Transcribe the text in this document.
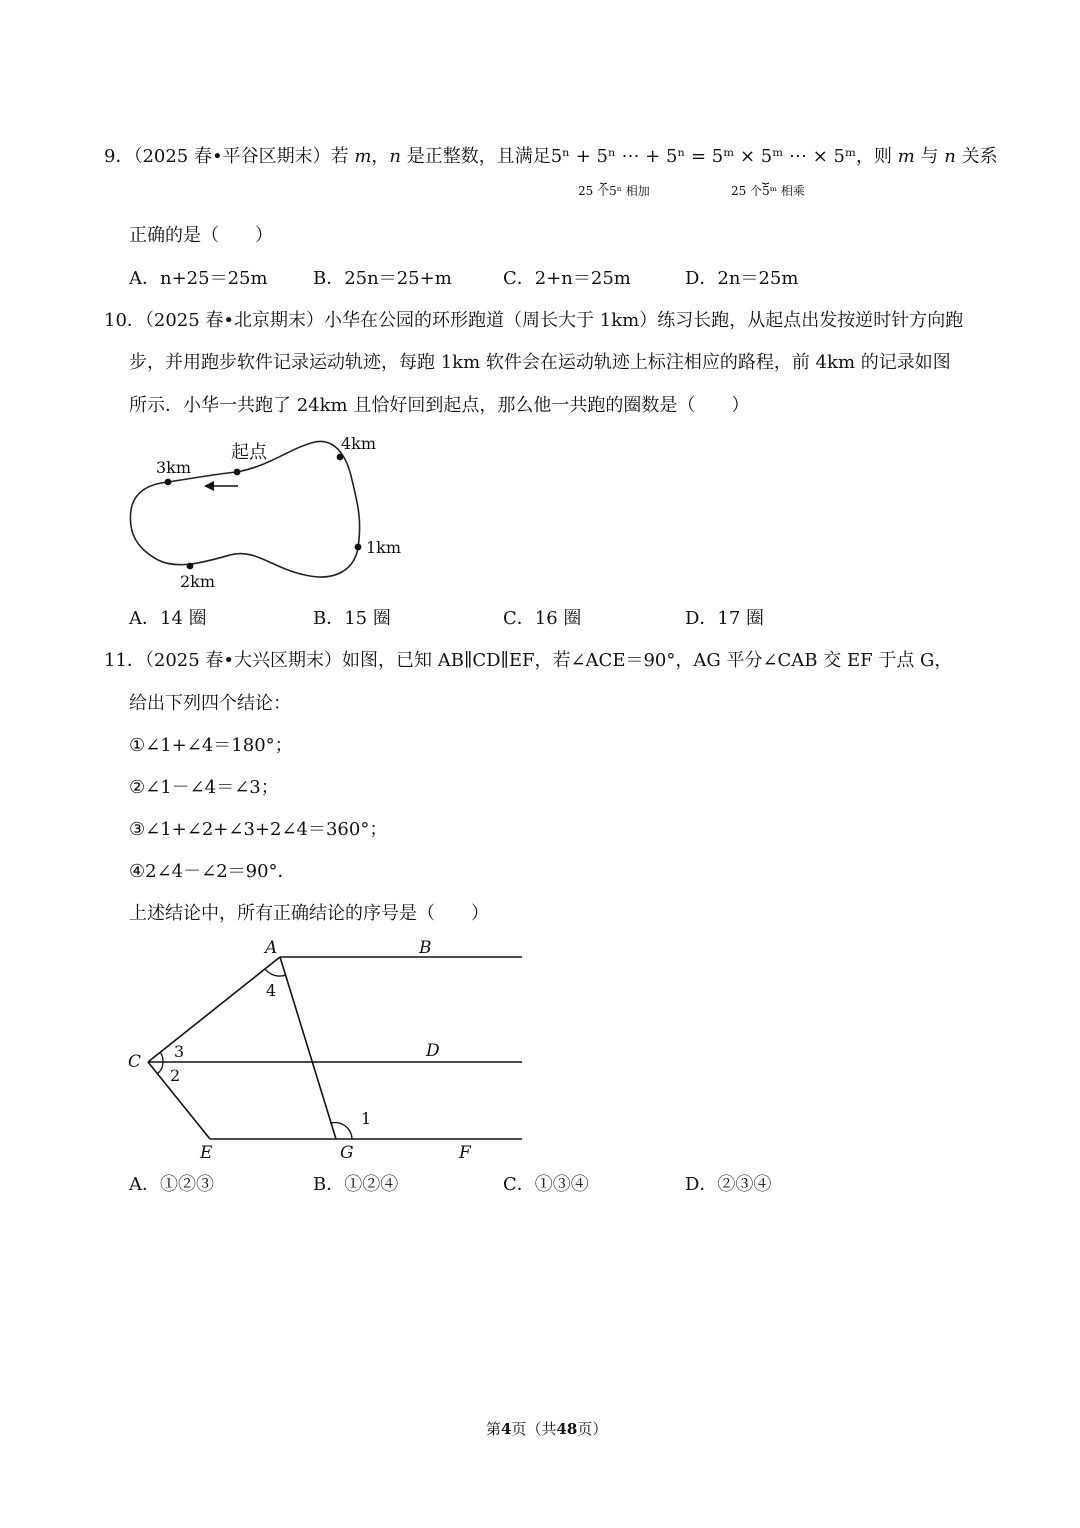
9．（2025 春•平谷区期末）若 m，n 是正整数，且满足5ⁿ + 5ⁿ ⋯ + 5ⁿ = 5ᵐ × 5ᵐ ⋯ × 5ᵐ，则 m 与 n 关系
⏟
25 个5ⁿ 相加
⏟
25 个5ᵐ 相乘
正确的是（　　）
A．n+25＝25m	B．25n＝25+m	C．2+n＝25m	D．2n＝25m
10．（2025 春•北京期末）小华在公园的环形跑道（周长大于 1km）练习长跑，从起点出发按逆时针方向跑
步，并用跑步软件记录运动轨迹，每跑 1km 软件会在运动轨迹上标注相应的路程，前 4km 的记录如图
所示．小华一共跑了 24km 且恰好回到起点，那么他一共跑的圈数是（　　）
起点	4km
1km
2km
3km
A	B
C
D
E	G	F
4
3
2
1
A．14 圈	B．15 圈	C．16 圈	D．17 圈
11．（2025 春•大兴区期末）如图，已知 AB∥CD∥EF，若∠ACE＝90°，AG 平分∠CAB 交 EF 于点 G，
给出下列四个结论：
①∠1+∠4＝180°；
②∠1－∠4＝∠3；
③∠1+∠2+∠3+2∠4＝360°；
④2∠4－∠2＝90°．
上述结论中，所有正确结论的序号是（　　）
A．①②③	B．①②④	C．①③④	D．②③④
第4页（共48页）
